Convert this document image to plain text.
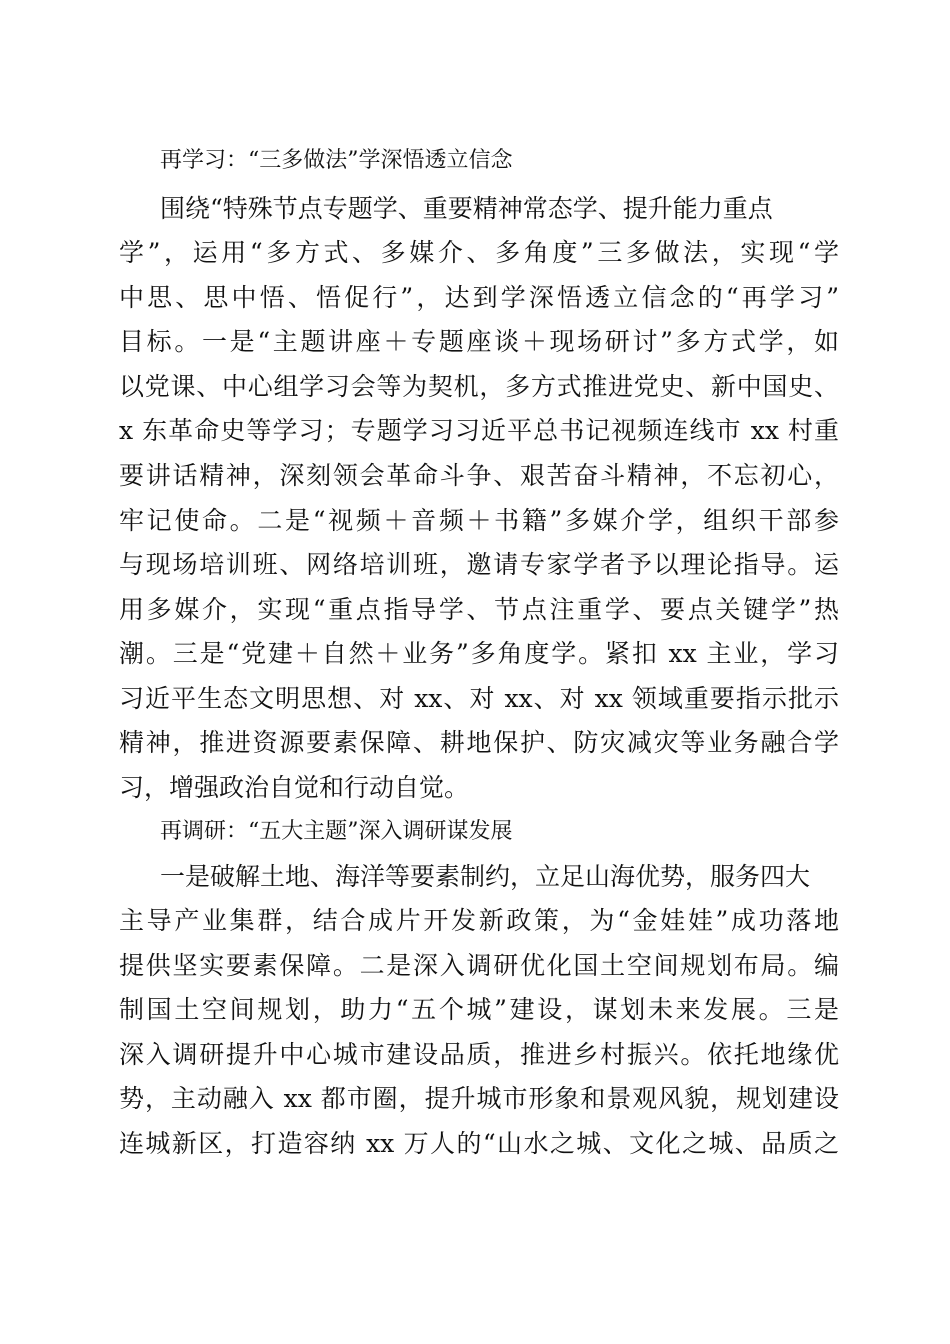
再学习：“三多做法”学深悟透立信念
围绕“特殊节点专题学、重要精神常态学、提升能力重点
学”，运用“多方式、多媒介、多角度”三多做法，实现“学
中思、思中悟、悟促行”，达到学深悟透立信念的“再学习”
目标。一是“主题讲座＋专题座谈＋现场研讨”多方式学，如
以党课、中心组学习会等为契机，多方式推进党史、新中国史、
x 东革命史等学习；专题学习习近平总书记视频连线市 xx 村重
要讲话精神，深刻领会革命斗争、艰苦奋斗精神，不忘初心，
牢记使命。二是“视频＋音频＋书籍”多媒介学，组织干部参
与现场培训班、网络培训班，邀请专家学者予以理论指导。运
用多媒介，实现“重点指导学、节点注重学、要点关键学”热
潮。三是“党建＋自然＋业务”多角度学。紧扣 xx 主业，学习
习近平生态文明思想、对 xx、对 xx、对 xx 领域重要指示批示
精神，推进资源要素保障、耕地保护、防灾减灾等业务融合学
习，增强政治自觉和行动自觉。
再调研：“五大主题”深入调研谋发展
一是破解土地、海洋等要素制约，立足山海优势，服务四大
主导产业集群，结合成片开发新政策，为“金娃娃”成功落地
提供坚实要素保障。二是深入调研优化国土空间规划布局。编
制国土空间规划，助力“五个城”建设，谋划未来发展。三是
深入调研提升中心城市建设品质，推进乡村振兴。依托地缘优
势，主动融入 xx 都市圈，提升城市形象和景观风貌，规划建设
连城新区，打造容纳 xx 万人的“山水之城、文化之城、品质之
